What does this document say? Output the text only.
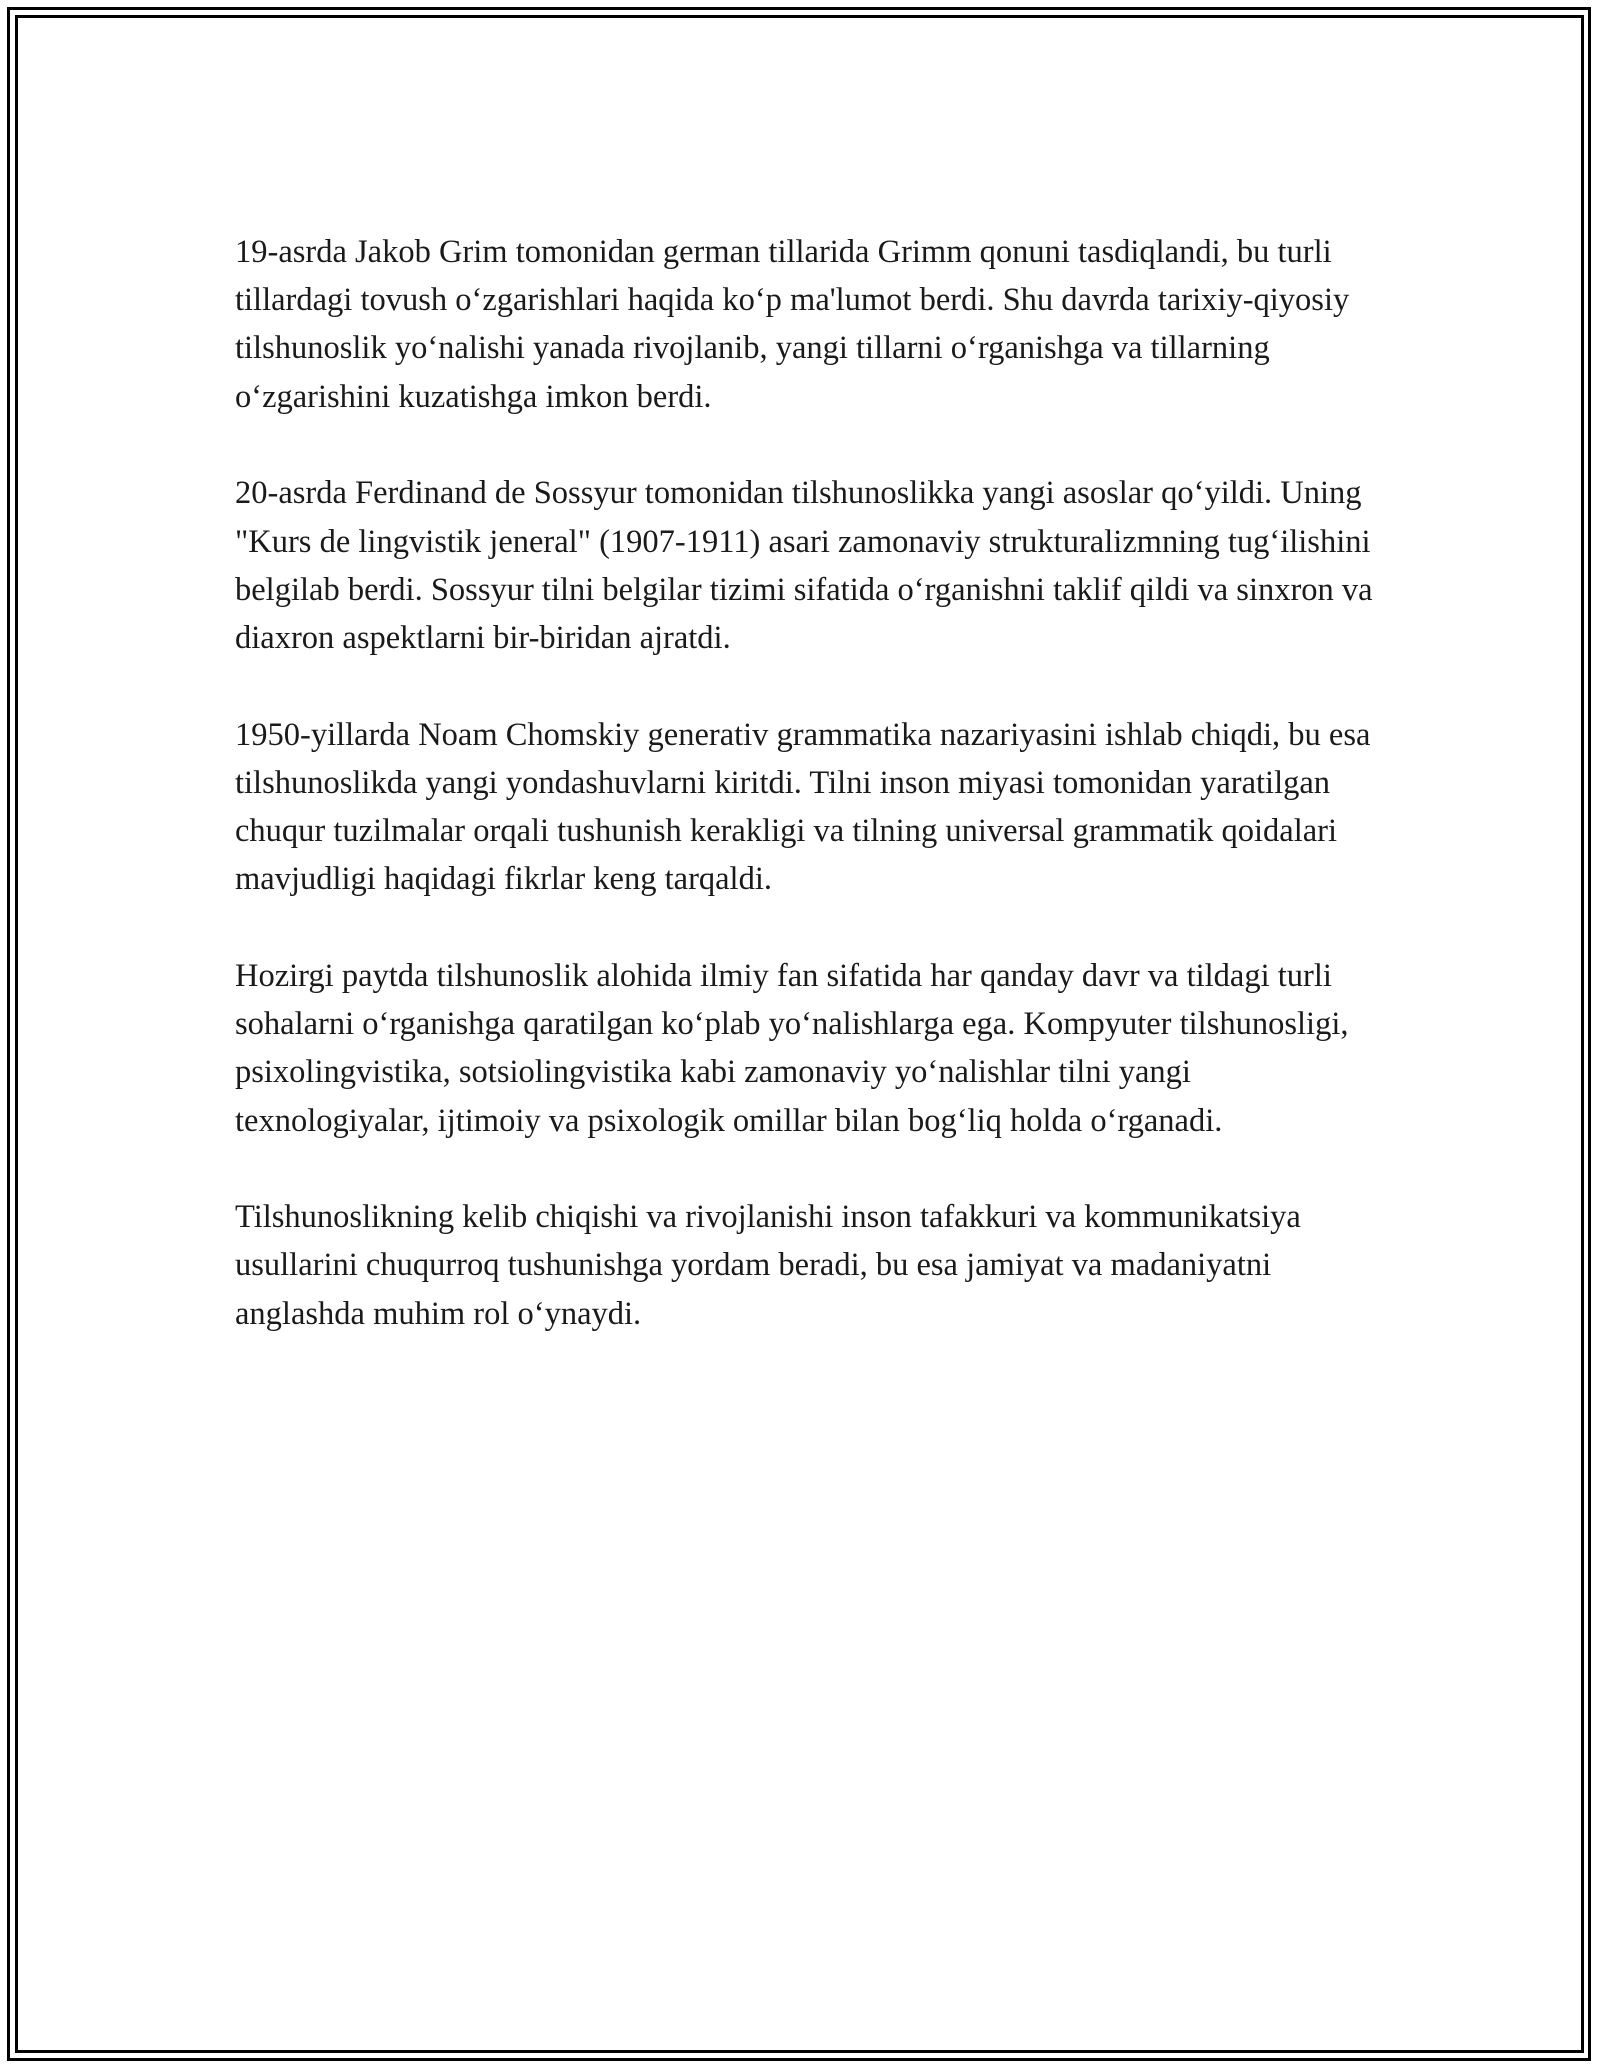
19-asrda Jakob Grim tomonidan german tillarida Grimm qonuni tasdiqlandi, bu turli tillardagi tovush oʻzgarishlari haqida koʻp ma'lumot berdi. Shu davrda tarixiy-qiyosiy tilshunoslik yoʻnalishi yanada rivojlanib, yangi tillarni oʻrganishga va tillarning oʻzgarishini kuzatishga imkon berdi.

20-asrda Ferdinand de Sossyur tomonidan tilshunoslikka yangi asoslar qoʻyildi. Uning "Kurs de lingvistik jeneral" (1907-1911) asari zamonaviy strukturalizmning tugʻilishini belgilab berdi. Sossyur tilni belgilar tizimi sifatida oʻrganishni taklif qildi va sinxron va diaxron aspektlarni bir-biridan ajratdi.

1950-yillarda Noam Chomskiy generativ grammatika nazariyasini ishlab chiqdi, bu esa tilshunoslikda yangi yondashuvlarni kiritdi. Tilni inson miyasi tomonidan yaratilgan chuqur tuzilmalar orqali tushunish kerakligi va tilning universal grammatik qoidalari mavjudligi haqidagi fikrlar keng tarqaldi.

Hozirgi paytda tilshunoslik alohida ilmiy fan sifatida har qanday davr va tildagi turli sohalarni oʻrganishga qaratilgan koʻplab yoʻnalishlarga ega. Kompyuter tilshunosligi, psixolingvistika, sotsiolingvistika kabi zamonaviy yoʻnalishlar tilni yangi texnologiyalar, ijtimoiy va psixologik omillar bilan bogʻliq holda oʻrganadi.

Tilshunoslikning kelib chiqishi va rivojlanishi inson tafakkuri va kommunikatsiya usullarini chuqurroq tushunishga yordam beradi, bu esa jamiyat va madaniyatni anglashda muhim rol oʻynaydi.
